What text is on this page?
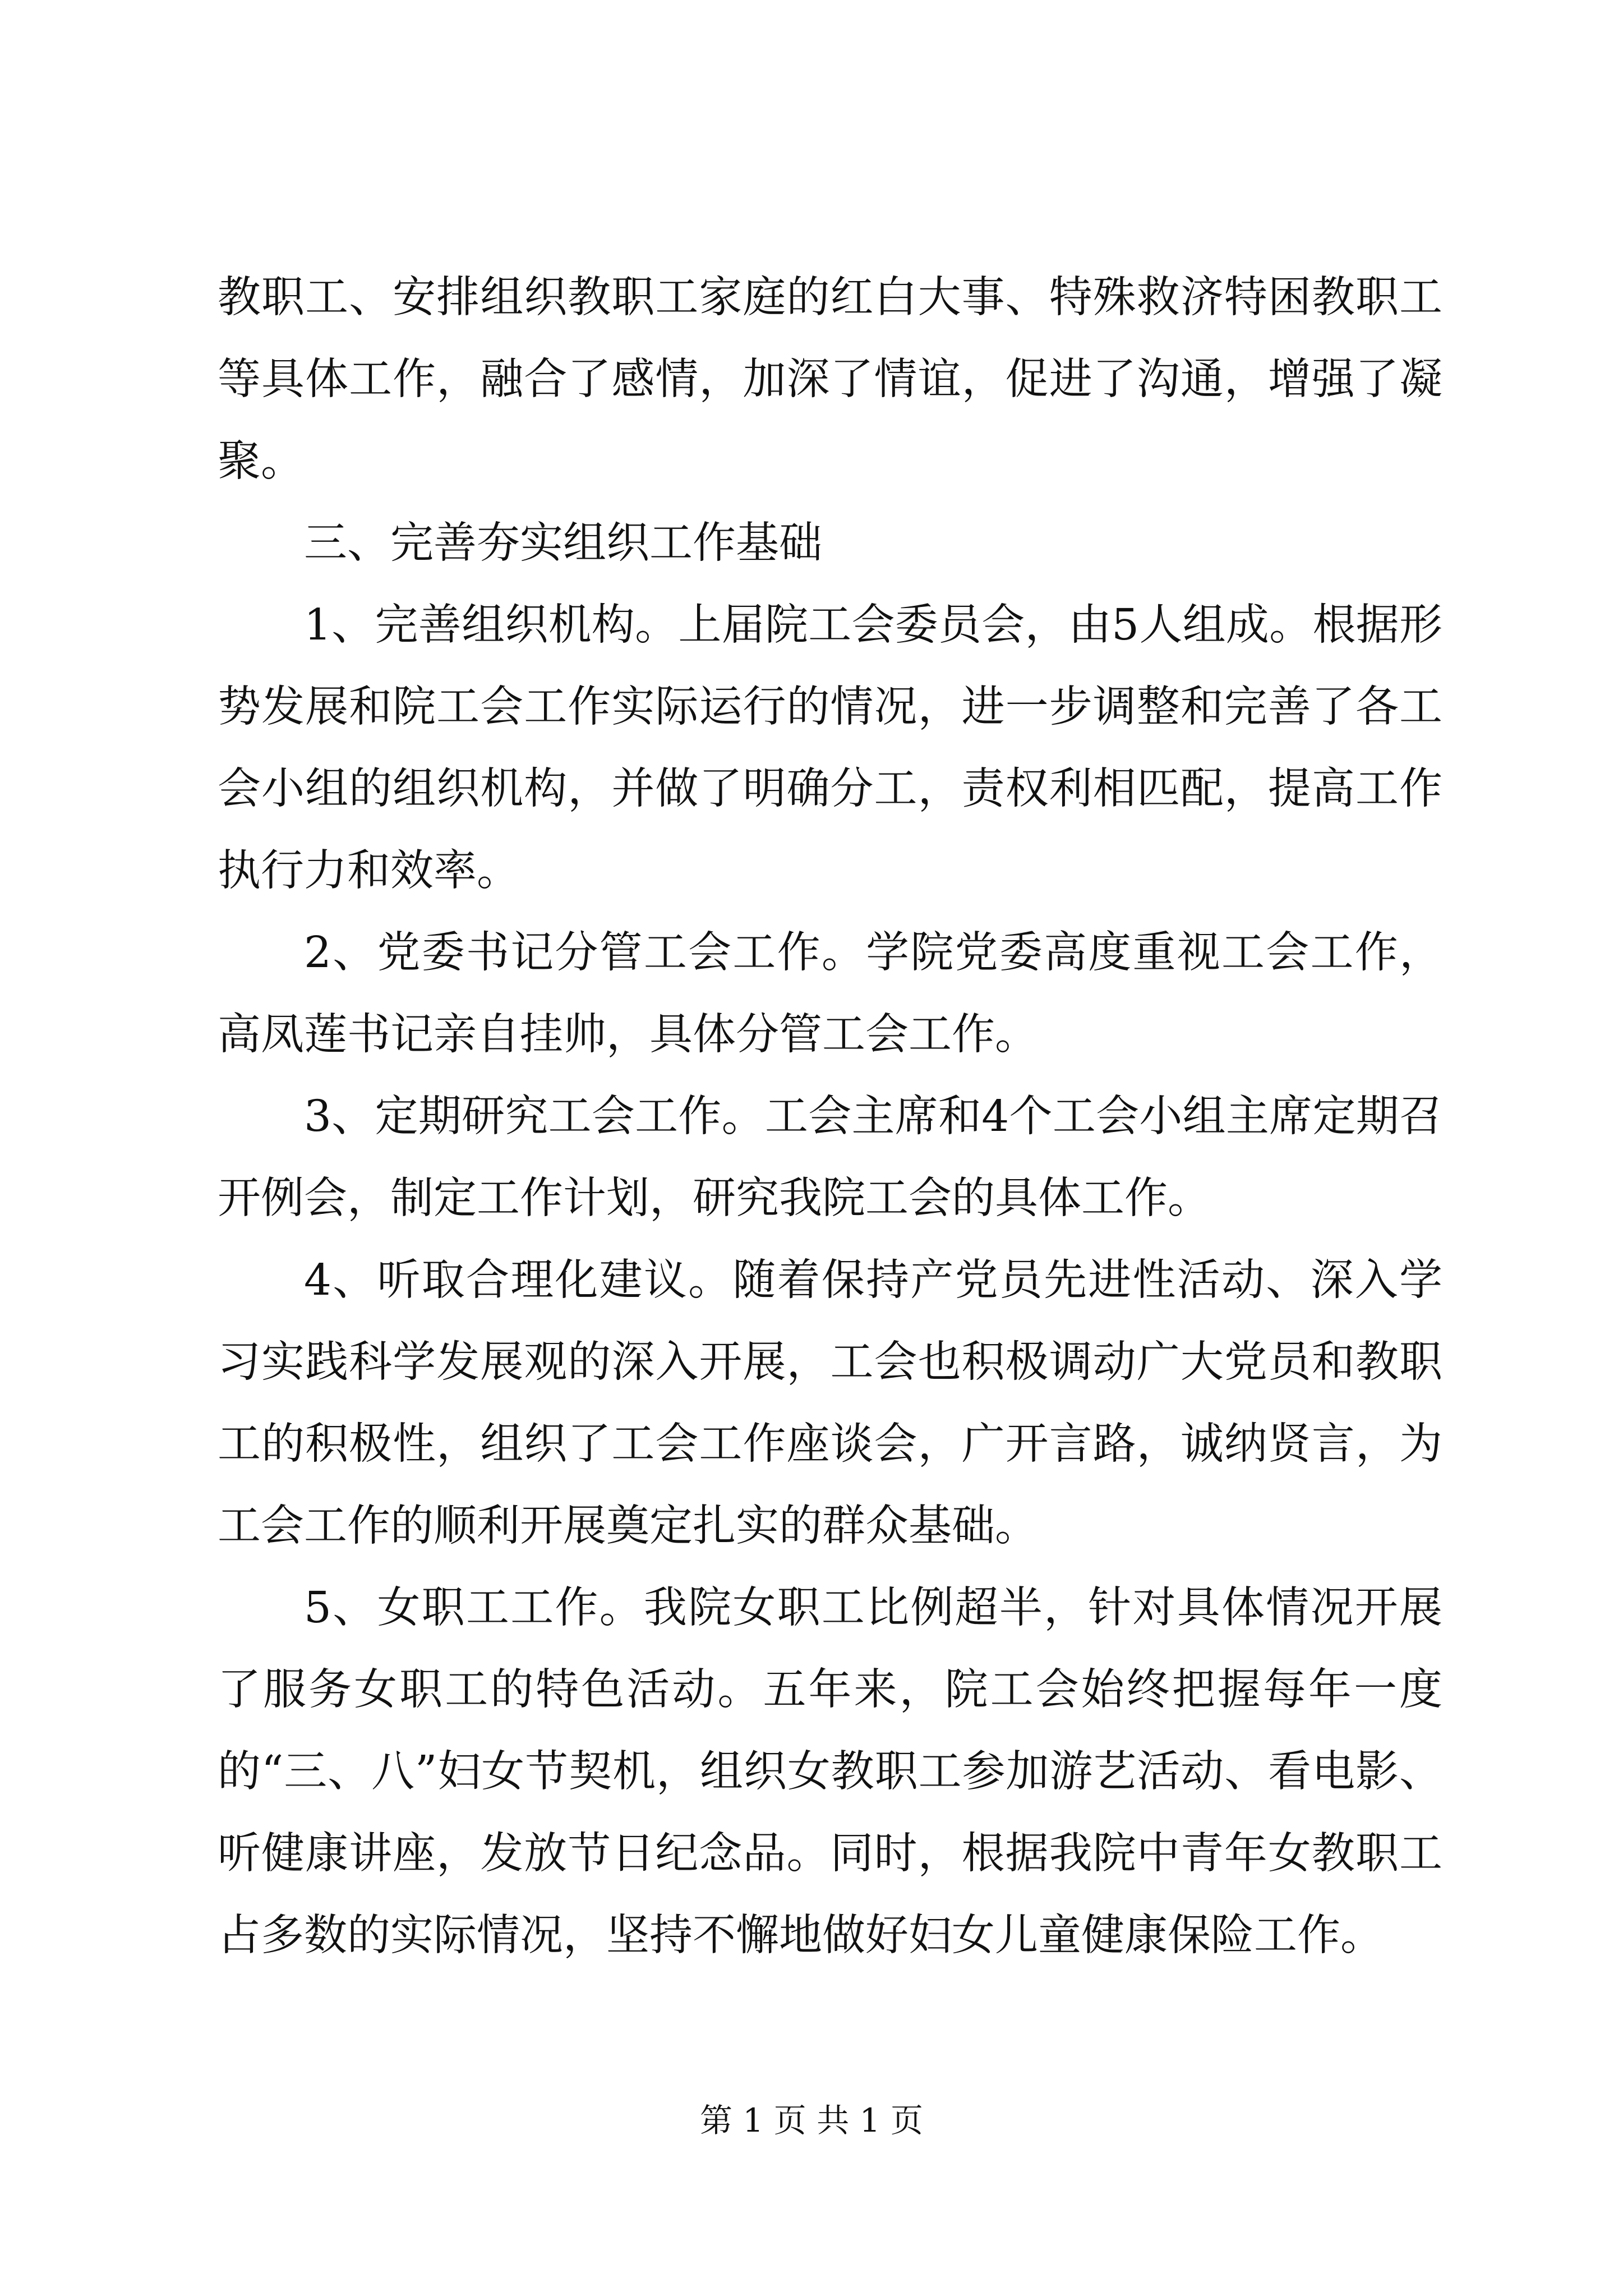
教职工、安排组织教职工家庭的红白大事、特殊救济特困教职工等具体工作，融合了感情，加深了情谊，促进了沟通，增强了凝聚。

三、完善夯实组织工作基础

1、完善组织机构。上届院工会委员会，由5人组成。根据形势发展和院工会工作实际运行的情况，进一步调整和完善了各工会小组的组织机构，并做了明确分工，责权利相匹配，提高工作执行力和效率。

2、党委书记分管工会工作。学院党委高度重视工会工作，高凤莲书记亲自挂帅，具体分管工会工作。

3、定期研究工会工作。工会主席和4个工会小组主席定期召开例会，制定工作计划，研究我院工会的具体工作。

4、听取合理化建议。随着保持产党员先进性活动、深入学习实践科学发展观的深入开展，工会也积极调动广大党员和教职工的积极性，组织了工会工作座谈会，广开言路，诚纳贤言，为工会工作的顺利开展奠定扎实的群众基础。

5、女职工工作。我院女职工比例超半，针对具体情况开展了服务女职工的特色活动。五年来，院工会始终把握每年一度的“三、八”妇女节契机，组织女教职工参加游艺活动、看电影、听健康讲座，发放节日纪念品。同时，根据我院中青年女教职工占多数的实际情况，坚持不懈地做好妇女儿童健康保险工作。

第 1 页 共 1 页
